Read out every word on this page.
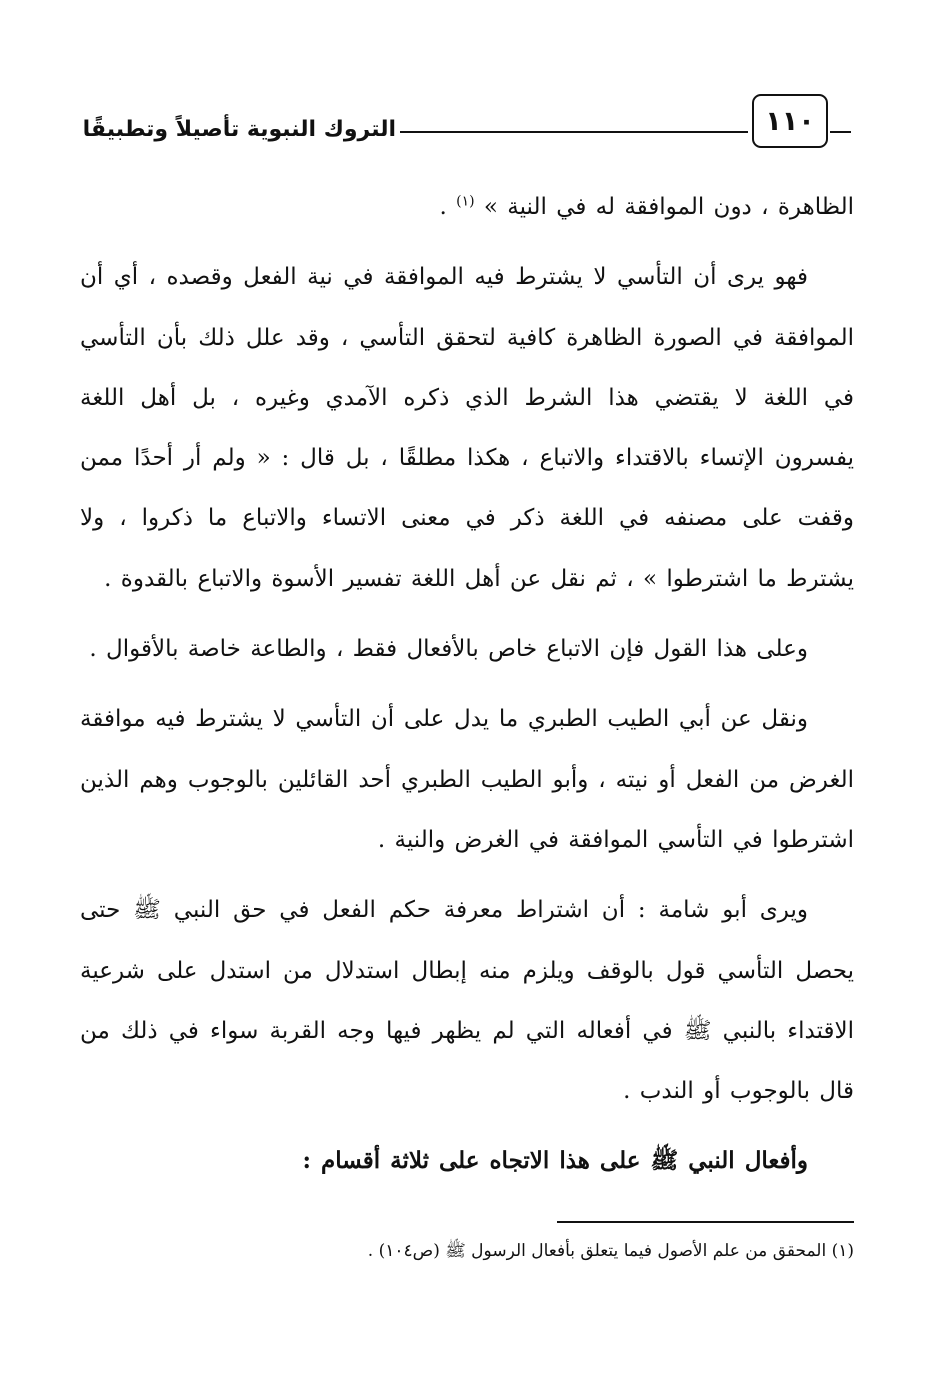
١١٠
التروك النبوية تأصيلاً وتطبيقًا

الظاهرة ، دون الموافقة له في النية » $^{(١)}$ .

فهو يرى أن التأسي لا يشترط فيه الموافقة في نية الفعل وقصده ، أي أن الموافقة في الصورة الظاهرة كافية لتحقق التأسي ، وقد علل ذلك بأن التأسي في اللغة لا يقتضي هذا الشرط الذي ذكره الآمدي وغيره ، بل أهل اللغة يفسرون الإتساء بالاقتداء والاتباع ، هكذا مطلقًا ، بل قال : « ولم أر أحدًا ممن وقفت على مصنفه في اللغة ذكر في معنى الاتساء والاتباع ما ذكروا ، ولا يشترط ما اشترطوا » ، ثم نقل عن أهل اللغة تفسير الأسوة والاتباع بالقدوة .

وعلى هذا القول فإن الاتباع خاص بالأفعال فقط ، والطاعة خاصة بالأقوال .

ونقل عن أبي الطيب الطبري ما يدل على أن التأسي لا يشترط فيه موافقة الغرض من الفعل أو نيته ، وأبو الطيب الطبري أحد القائلين بالوجوب وهم الذين اشترطوا في التأسي الموافقة في الغرض والنية .

ويرى أبو شامة : أن اشتراط معرفة حكم الفعل في حق النبي ﷺ حتى يحصل التأسي قول بالوقف ويلزم منه إبطال استدلال من استدل على شرعية الاقتداء بالنبي ﷺ في أفعاله التي لم يظهر فيها وجه القربة سواء في ذلك من قال بالوجوب أو الندب .

وأفعال النبي ﷺ على هذا الاتجاه على ثلاثة أقسام :

(١) المحقق من علم الأصول فيما يتعلق بأفعال الرسول ﷺ (ص١٠٤) .
